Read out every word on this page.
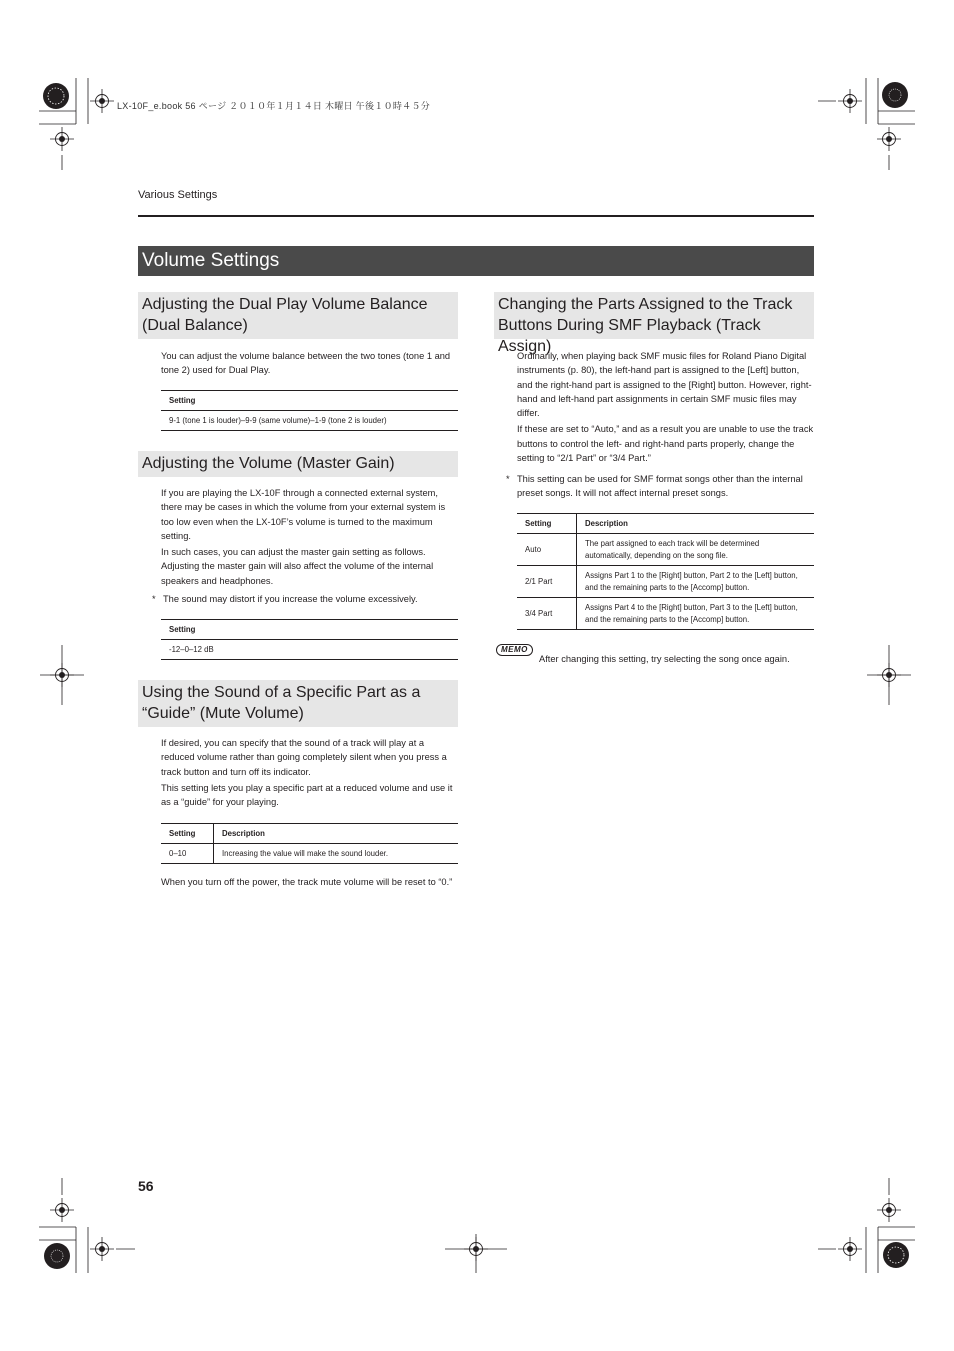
LX-10F_e.book 56 ページ ２０１０年１月１４日 木曜日 午後１０時４５分
Various Settings
Volume Settings
Adjusting the Dual Play Volume Balance
(Dual Balance)

You can adjust the volume balance between the two tones (tone 1 and tone 2) used for Dual Play.

Setting
9-1 (tone 1 is louder)–9-9 (same volume)–1-9 (tone 2 is louder)
Adjusting the Volume (Master Gain)

If you are playing the LX-10F through a connected external system, there may be cases in which the volume from your external system is too low even when the LX-10F’s volume is turned to the maximum setting.

In such cases, you can adjust the master gain setting as follows. Adjusting the master gain will also affect the volume of the internal speakers and headphones.

* The sound may distort if you increase the volume excessively.
Setting
-12–0–12 dB
Using the Sound of a Specific Part as a
“Guide” (Mute Volume)

If desired, you can specify that the sound of a track will play at a reduced volume rather than going completely silent when you press a track button and turn off its indicator.

This setting lets you play a specific part at a reduced volume and use it as a “guide” for your playing.

Setting	Description
0–10	Increasing the value will make the sound louder.

When you turn off the power, the track mute volume will be reset to “0.”

Changing the Parts Assigned to the Track
Buttons During SMF Playback (Track Assign)

Ordinarily, when playing back SMF music files for Roland Piano Digital instruments (p. 80), the left-hand part is assigned to the [Left] button, and the right-hand part is assigned to the [Right] button. However, right-hand and left-hand part assignments in certain SMF music files may differ.

If these are set to “Auto,” and as a result you are unable to use the track buttons to control the left- and right-hand parts properly, change the setting to “2/1 Part” or “3/4 Part.”

* This setting can be used for SMF format songs other than the internal preset songs. It will not affect internal preset songs.
Setting	Description
Auto	The part assigned to each track will be determined automatically, depending on the song file.
2/1 Part	Assigns Part 1 to the [Right] button, Part 2 to the [Left] button, and the remaining parts to the [Accomp] button.
3/4 Part	Assigns Part 4 to the [Right] button, Part 3 to the [Left] button, and the remaining parts to the [Accomp] button.
MEMO
After changing this setting, try selecting the song once again.
56
